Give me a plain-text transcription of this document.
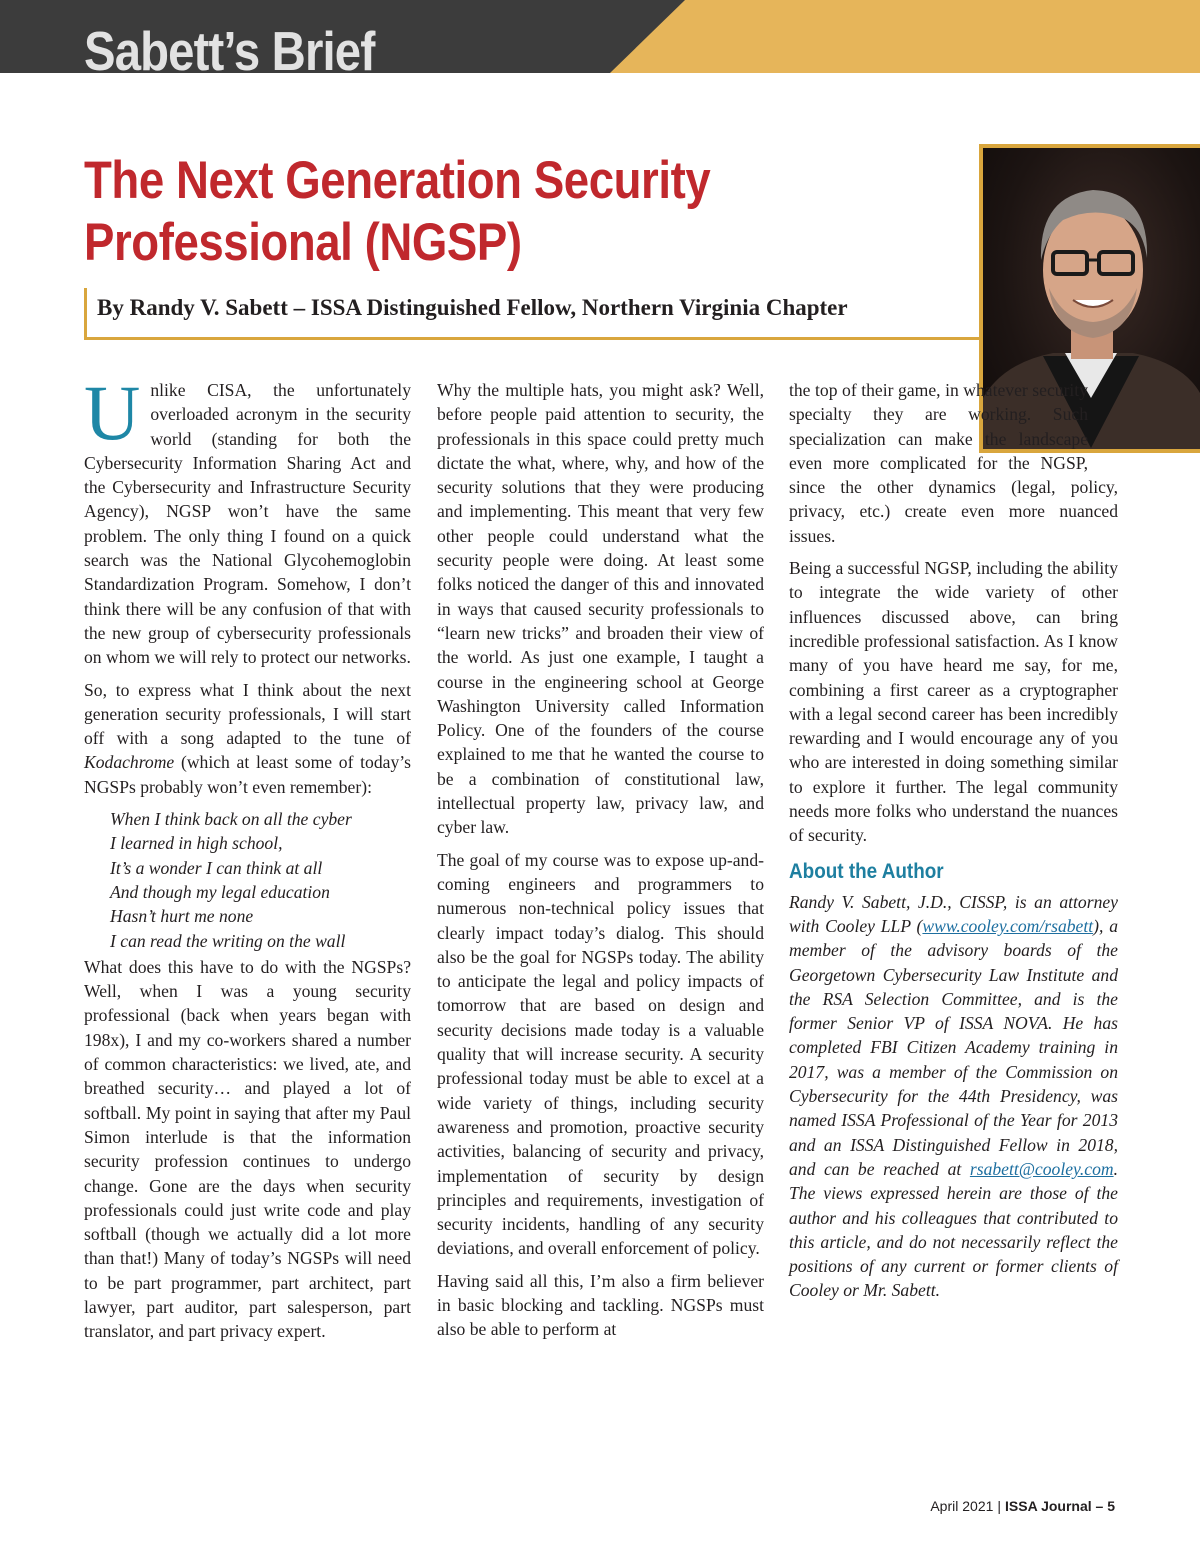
Sabett’s Brief
The Next Generation Security
Professional (NGSP)
By Randy V. Sabett – ISSA Distinguished Fellow, Northern Virginia Chapter

Unlike CISA, the unfortunately overloaded acronym in the security world (standing for both the Cybersecurity Information Sharing Act and the Cybersecurity and Infrastructure Security Agency), NGSP won’t have the same problem. The only thing I found on a quick search was the National Glycohemoglobin Standardization Program. Somehow, I don’t think there will be any confusion of that with the new group of cybersecurity professionals on whom we will rely to protect our networks.

So, to express what I think about the next generation security professionals, I will start off with a song adapted to the tune of Kodachrome (which at least some of today’s NGSPs probably won’t even remember):

When I think back on all the cyber
I learned in high school,
It’s a wonder I can think at all
And though my legal education
Hasn’t hurt me none
I can read the writing on the wall

What does this have to do with the NGSPs? Well, when I was a young security professional (back when years began with 198x), I and my co-workers shared a number of common characteristics: we lived, ate, and breathed security… and played a lot of softball. My point in saying that after my Paul Simon interlude is that the information security profession continues to undergo change. Gone are the days when security professionals could just write code and play softball (though we actually did a lot more than that!) Many of today’s NGSPs will need to be part programmer, part architect, part lawyer, part auditor, part salesperson, part translator, and part privacy expert.

Why the multiple hats, you might ask? Well, before people paid attention to security, the professionals in this space could pretty much dictate the what, where, why, and how of the security solutions that they were producing and implementing. This meant that very few other people could understand what the security people were doing. At least some folks noticed the danger of this and innovated in ways that caused security professionals to “learn new tricks” and broaden their view of the world. As just one example, I taught a course in the engineering school at George Washington University called Information Policy. One of the founders of the course explained to me that he wanted the course to be a combination of constitutional law, intellectual property law, privacy law, and cyber law.

The goal of my course was to expose up-and-coming engineers and programmers to numerous non-technical policy issues that clearly impact today’s dialog. This should also be the goal for NGSPs today. The ability to anticipate the legal and policy impacts of tomorrow that are based on design and security decisions made today is a valuable quality that will increase security. A security professional today must be able to excel at a wide variety of things, including security awareness and promotion, proactive security activities, balancing of security and privacy, implementation of security by design principles and requirements, investigation of security incidents, handling of any security deviations, and overall enforcement of policy.

Having said all this, I’m also a firm believer in basic blocking and tackling. NGSPs must also be able to perform at

the top of their game, in whatever security specialty they are working. Such specialization can make the landscape even more complicated for the NGSP, since the other dynamics (legal, policy, privacy, etc.) create even more nuanced issues.

Being a successful NGSP, including the ability to integrate the wide variety of other influences discussed above, can bring incredible professional satisfaction. As I know many of you have heard me say, for me, combining a first career as a cryptographer with a legal second career has been incredibly rewarding and I would encourage any of you who are interested in doing something similar to explore it further. The legal community needs more folks who understand the nuances of security.

About the Author

Randy V. Sabett, J.D., CISSP, is an attorney with Cooley LLP (www.cooley.com/rsabett), a member of the advisory boards of the Georgetown Cybersecurity Law Institute and the RSA Selection Committee, and is the former Senior VP of ISSA NOVA. He has completed FBI Citizen Academy training in 2017, was a member of the Commission on Cybersecurity for the 44th Presidency, was named ISSA Professional of the Year for 2013 and an ISSA Distinguished Fellow in 2018, and can be reached at rsabett@cooley.com. The views expressed herein are those of the author and his colleagues that contributed to this article, and do not necessarily reflect the positions of any current or former clients of Cooley or Mr. Sabett.

April 2021 | ISSA Journal – 5
